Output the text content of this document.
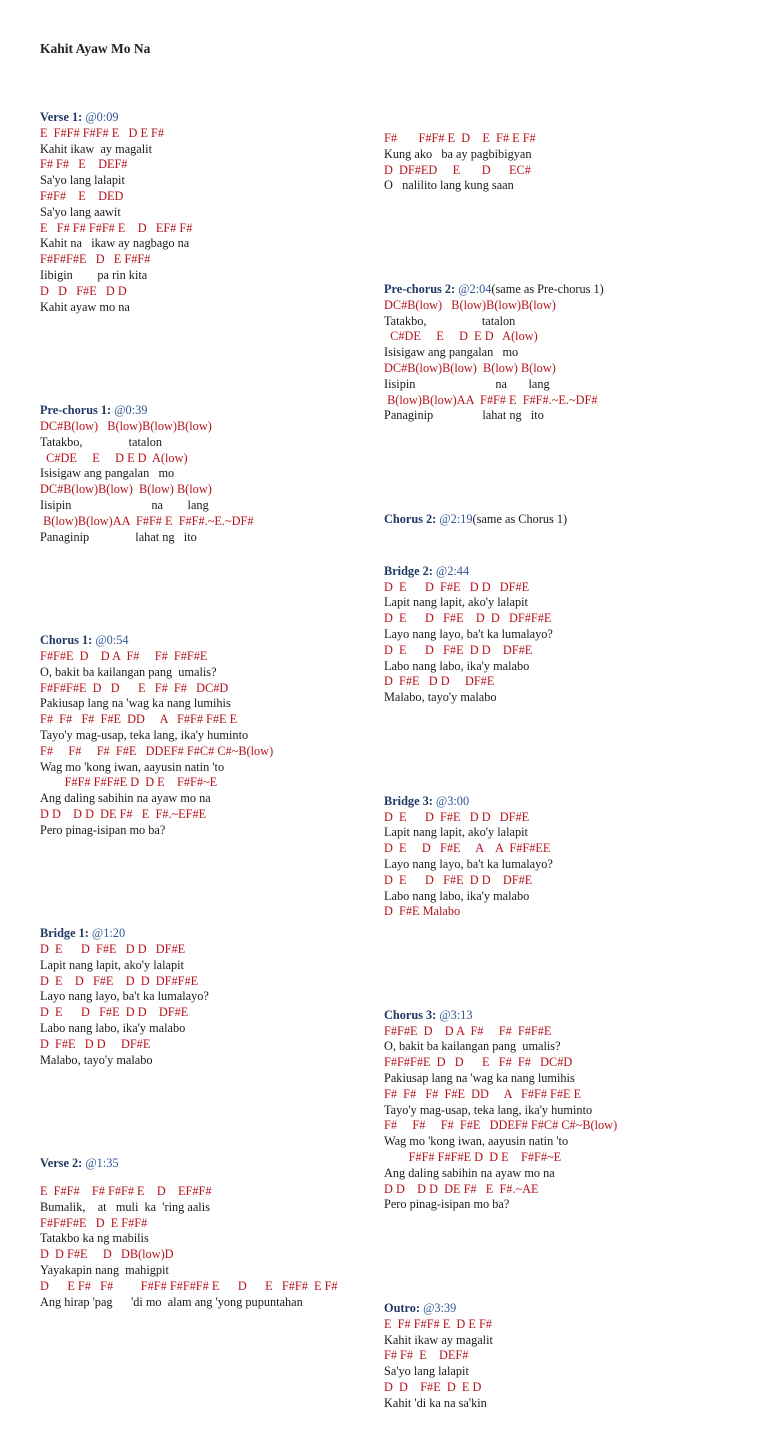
Kahit Ayaw Mo Na

Verse 1: @0:09
E  F#F# F#F# E   D E F#
Kahit ikaw  ay magalit
F# F#   E    DEF#
Sa'yo lang lalapit
F#F#    E    DED
Sa'yo lang aawit
E   F# F# F#F# E    D   EF# F#
Kahit na   ikaw ay nagbago na
F#F#F#E   D   E F#F#
Iibigin        pa rin kita
D   D   F#E   D D
Kahit ayaw mo na

Pre-chorus 1: @0:39
DC#B(low)   B(low)B(low)B(low)
Tatakbo,               tatalon
C#DE     E     D E D  A(low)
Isisigaw ang pangalan   mo
DC#B(low)B(low)  B(low) B(low)
Iisipin                          na        lang
B(low)B(low)AA  F#F# E  F#F#.~E.~DF#
Panaginip               lahat ng   ito

Chorus 1: @0:54
F#F#E  D    D A  F#     F#  F#F#E
O, bakit ba kailangan pang  umalis?
F#F#F#E  D   D      E   F#  F#   DC#D
Pakiusap lang na 'wag ka nang lumihis
F#  F#   F#  F#E  DD     A   F#F# F#E E
Tayo'y mag-usap, teka lang, ika'y huminto
F#     F#     F#  F#E   DDEF# F#C# C#~B(low)
Wag mo 'kong iwan, aayusin natin 'to
F#F# F#F#E D  D E    F#F#~E
Ang daling sabihin na ayaw mo na
D D    D D  DE F#   E  F#.~EF#E
Pero pinag-isipan mo ba?

Bridge 1: @1:20
D  E      D  F#E   D D   DF#E
Lapit nang lapit, ako'y lalapit
D  E    D   F#E    D  D  DF#F#E
Layo nang layo, ba't ka lumalayo?
D  E      D   F#E  D D    DF#E
Labo nang labo, ika'y malabo
D  F#E   D D     DF#E
Malabo, tayo'y malabo

Verse 2: @1:35
E  F#F#    F# F#F# E    D    EF#F#
Bumalik,    at   muli  ka  'ring aalis
F#F#F#E   D  E F#F#
Tatakbo ka ng mabilis
D  D F#E     D   DB(low)D
Yayakapin nang  mahigpit
D      E F#   F#         F#F# F#F#F# E      D      E   F#F#  E F#
Ang hirap 'pag      'di mo  alam ang 'yong pupuntahan

F#       F#F# E  D    E  F# E F#
Kung ako   ba ay pagbibigyan
D  DF#ED     E       D      EC#
O   nalilito lang kung saan

Pre-chorus 2: @2:04(same as Pre-chorus 1)
DC#B(low)   B(low)B(low)B(low)
Tatakbo,                  tatalon
C#DE     E     D  E D   A(low)
Isisigaw ang pangalan   mo
DC#B(low)B(low)  B(low) B(low)
Iisipin                          na       lang
B(low)B(low)AA  F#F# E  F#F#.~E.~DF#
Panaginip                lahat ng   ito

Chorus 2: @2:19(same as Chorus 1)

Bridge 2: @2:44
D  E      D  F#E   D D   DF#E
Lapit nang lapit, ako'y lalapit
D  E      D   F#E    D  D   DF#F#E
Layo nang layo, ba't ka lumalayo?
D  E      D   F#E  D D    DF#E
Labo nang labo, ika'y malabo
D  F#E   D D     DF#E
Malabo, tayo'y malabo

Bridge 3: @3:00
D  E      D  F#E   D D   DF#E
Lapit nang lapit, ako'y lalapit
D  E     D   F#E     A    A  F#F#EE
Layo nang layo, ba't ka lumalayo?
D  E      D   F#E  D D    DF#E
Labo nang labo, ika'y malabo
D  F#E Malabo

Chorus 3: @3:13
F#F#E  D    D A  F#     F#  F#F#E
O, bakit ba kailangan pang  umalis?
F#F#F#E  D   D      E   F#  F#   DC#D
Pakiusap lang na 'wag ka nang lumihis
F#  F#   F#  F#E  DD     A   F#F# F#E E
Tayo'y mag-usap, teka lang, ika'y huminto
F#     F#     F#  F#E   DDEF# F#C# C#~B(low)
Wag mo 'kong iwan, aayusin natin 'to
F#F# F#F#E D  D E    F#F#~E
Ang daling sabihin na ayaw mo na
D D    D D  DE F#   E  F#.~AE
Pero pinag-isipan mo ba?

Outro: @3:39
E  F# F#F# E  D E F#
Kahit ikaw ay magalit
F# F#  E    DEF#
Sa'yo lang lalapit
D  D    F#E  D  E D
Kahit 'di ka na sa'kin
